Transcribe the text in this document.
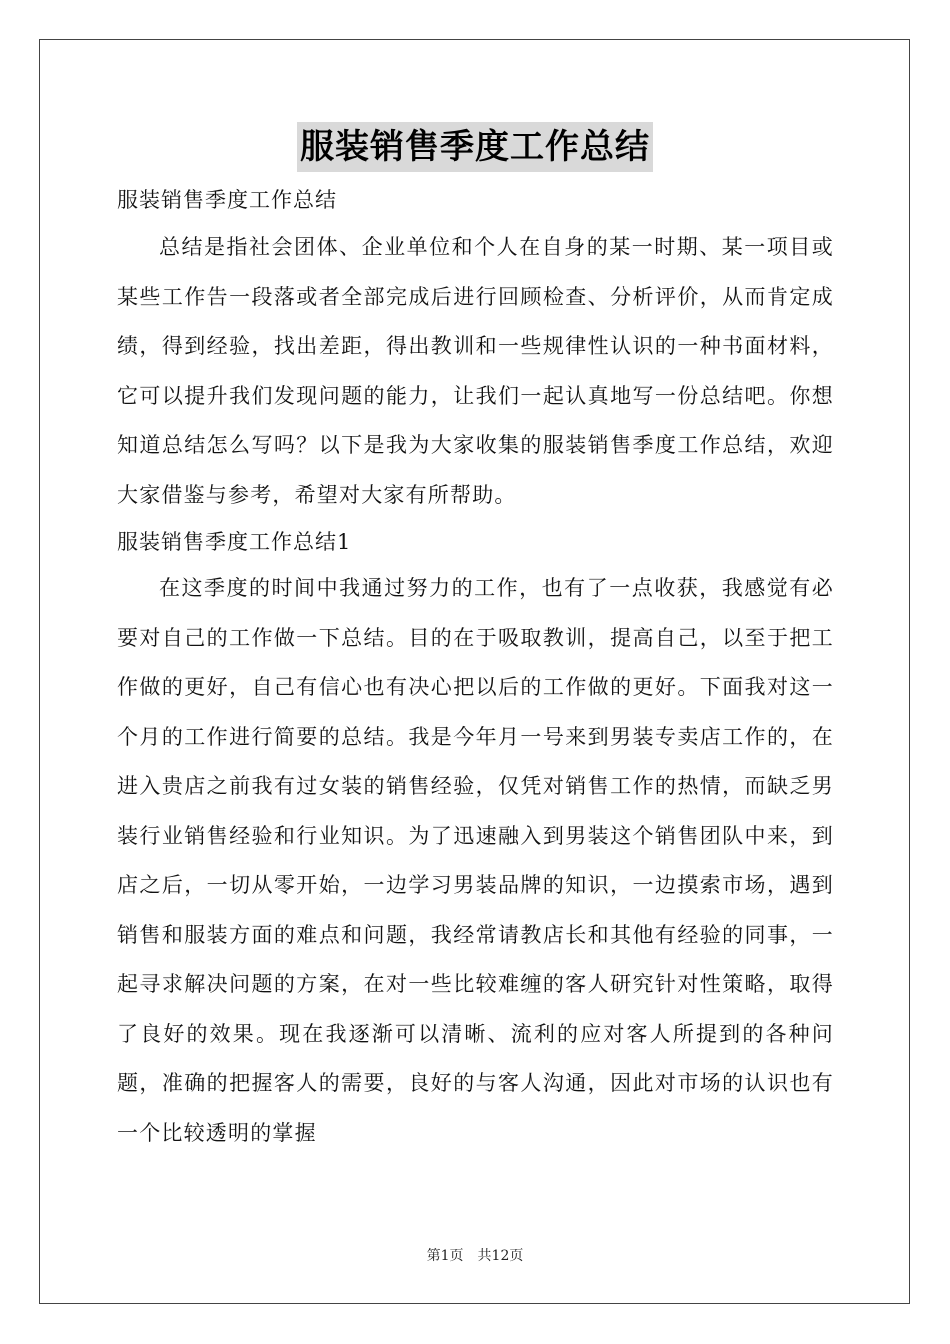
服装销售季度工作总结

服装销售季度工作总结

总结是指社会团体、企业单位和个人在自身的某一时期、某一项目或某些工作告一段落或者全部完成后进行回顾检查、分析评价，从而肯定成绩，得到经验，找出差距，得出教训和一些规律性认识的一种书面材料，它可以提升我们发现问题的能力，让我们一起认真地写一份总结吧。你想知道总结怎么写吗？以下是我为大家收集的服装销售季度工作总结，欢迎大家借鉴与参考，希望对大家有所帮助。

服装销售季度工作总结1

在这季度的时间中我通过努力的工作，也有了一点收获，我感觉有必要对自己的工作做一下总结。目的在于吸取教训，提高自己，以至于把工作做的更好，自己有信心也有决心把以后的工作做的更好。下面我对这一个月的工作进行简要的总结。我是今年月一号来到男装专卖店工作的，在进入贵店之前我有过女装的销售经验，仅凭对销售工作的热情，而缺乏男装行业销售经验和行业知识。为了迅速融入到男装这个销售团队中来，到店之后，一切从零开始，一边学习男装品牌的知识，一边摸索市场，遇到销售和服装方面的难点和问题，我经常请教店长和其他有经验的同事，一起寻求解决问题的方案，在对一些比较难缠的客人研究针对性策略，取得了良好的效果。现在我逐渐可以清晰、流利的应对客人所提到的各种问题，准确的把握客人的需要，良好的与客人沟通，因此对市场的认识也有一个比较透明的掌握

第1页 共12页
